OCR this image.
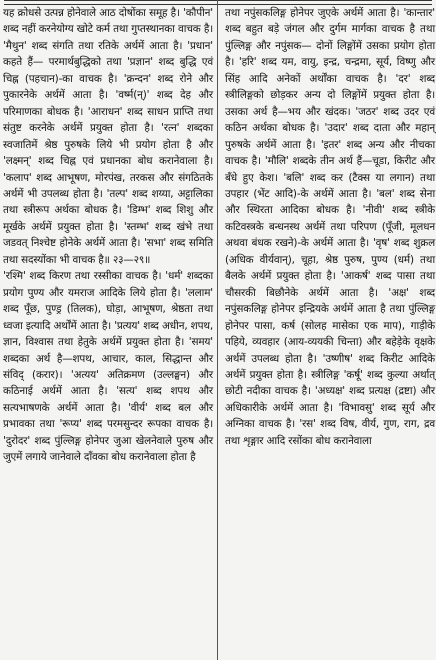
यह क्रोधसे उत्पन्न होनेवाले आठ दोषोंका समूह है। 'कौपीन' शब्द नहीं करनेयोग्य खोटे कर्म तथा गुप्तस्थानका वाचक है। 'मैथुन' शब्द संगति तथा रतिके अर्थमें आता है। 'प्रधान' कहते हैं— परमार्थबुद्धिको तथा 'प्रज्ञान' शब्द बुद्धि एवं चिह्न (पहचान)-का वाचक है। 'क्रन्दन' शब्द रोने और पुकारनेके अर्थमें आता है। 'वर्ष्म(न्)' शब्द देह और परिमाणका बोधक है। 'आराधन' शब्द साधन प्राप्ति तथा संतुष्ट करनेके अर्थमें प्रयुक्त होता है। 'रत्न' शब्दका स्वजातिमें श्रेष्ठ पुरुषके लिये भी प्रयोग होता है और 'लक्ष्मन्' शब्द चिह्न एवं प्रधानका बोध करानेवाला है। 'कलाप' शब्द आभूषण, मोरपंख, तरकस और संगठितके अर्थमें भी उपलब्ध होता है। 'तल्प' शब्द शय्या, अट्टालिका तथा स्त्रीरूप अर्थका बोधक है। 'डिम्भ' शब्द शिशु और मूर्खके अर्थमें प्रयुक्त होता है। 'स्तम्भ' शब्द खंभे तथा जडवत् निश्चेष्ट होनेके अर्थमें आता है। 'सभा' शब्द समिति तथा सदस्योंका भी वाचक है॥ २३—२९॥

'रश्मि' शब्द किरण तथा रस्सीका वाचक है। 'धर्म' शब्दका प्रयोग पुण्य और यमराज आदिके लिये होता है। 'ललाम' शब्द पूँछ, पुण्ड्र (तिलक), घोड़ा, आभूषण, श्रेष्ठता तथा ध्वजा इत्यादि अर्थोंमें आता है। 'प्रत्यय' शब्द अधीन, शपथ, ज्ञान, विश्वास तथा हेतुके अर्थमें प्रयुक्त होता है। 'समय' शब्दका अर्थ है—शपथ, आचार, काल, सिद्धान्त और संविद् (करार)। 'अत्यय' अतिक्रमण (उल्लङ्घन) और कठिनाई अर्थमें आता है। 'सत्य' शब्द शपथ और सत्यभाषणके अर्थमें आता है। 'वीर्य' शब्द बल और प्रभावका तथा 'रूप्य' शब्द परमसुन्दर रूपका वाचक है। 'दुरोदर' शब्द पुंल्लिङ्ग होनेपर जुआ खेलनेवाले पुरुष और जुएमें लगाये जानेवाले दाँवका बोध करानेवाला होता है

तथा नपुंसकलिङ्ग होनेपर जुएके अर्थमें आता है। 'कान्तार' शब्द बहुत बड़े जंगल और दुर्गम मार्गका वाचक है तथा पुंल्लिङ्ग और नपुंसक— दोनों लिङ्गोंमें उसका प्रयोग होता है। 'हरि' शब्द यम, वायु, इन्द्र, चन्द्रमा, सूर्य, विष्णु और सिंह आदि अनेकों अर्थोंका वाचक है। 'दर' शब्द स्त्रीलिङ्गको छोड़कर अन्य दो लिङ्गोंमें प्रयुक्त होता है। उसका अर्थ है—भय और खंदक। 'जठर' शब्द उदर एवं कठिन अर्थका बोधक है। 'उदार' शब्द दाता और महान् पुरुषके अर्थमें आता है। 'इतर' शब्द अन्य और नीचका वाचक है। 'मौलि' शब्दके तीन अर्थ हैं—चूडा, किरीट और बँधे हुए केश। 'बलि' शब्द कर (टैक्स या लगान) तथा उपहार (भेंट आदि)-के अर्थमें आता है। 'बल' शब्द सेना और स्थिरता आदिका बोधक है। 'नीवी' शब्द स्त्रीके कटिवस्त्रके बन्धनस्थ अर्थमें तथा परिपण (पूँजी, मूलधन अथवा बंधक रखने)-के अर्थमें आता है। 'वृष' शब्द शुक्रल (अधिक वीर्यवान्), चूहा, श्रेष्ठ पुरुष, पुण्य (धर्म) तथा बैलके अर्थमें प्रयुक्त होता है। 'आकर्ष' शब्द पासा तथा चौसरकी बिछौनेके अर्थमें आता है। 'अक्ष' शब्द नपुंसकलिङ्ग होनेपर इन्द्रियके अर्थमें आता है तथा पुंल्लिङ्ग होनेपर पासा, कर्ष (सोलह मासेका एक माप), गाड़ीके पहिये, व्यवहार (आय-व्ययकी चिन्ता) और बहेड़ेके वृक्षके अर्थमें उपलब्ध होता है। 'उष्णीष' शब्द किरीट आदिके अर्थमें प्रयुक्त होता है। स्त्रीलिङ्ग 'कर्षू' शब्द कुल्या अर्थात् छोटी नदीका वाचक है। 'अध्यक्ष' शब्द प्रत्यक्ष (द्रष्टा) और अधिकारीके अर्थमें आता है। 'विभावसु' शब्द सूर्य और अग्निका वाचक है। 'रस' शब्द विष, वीर्य, गुण, राग, द्रव तथा शृङ्गार आदि रसोंका बोध करानेवाला
